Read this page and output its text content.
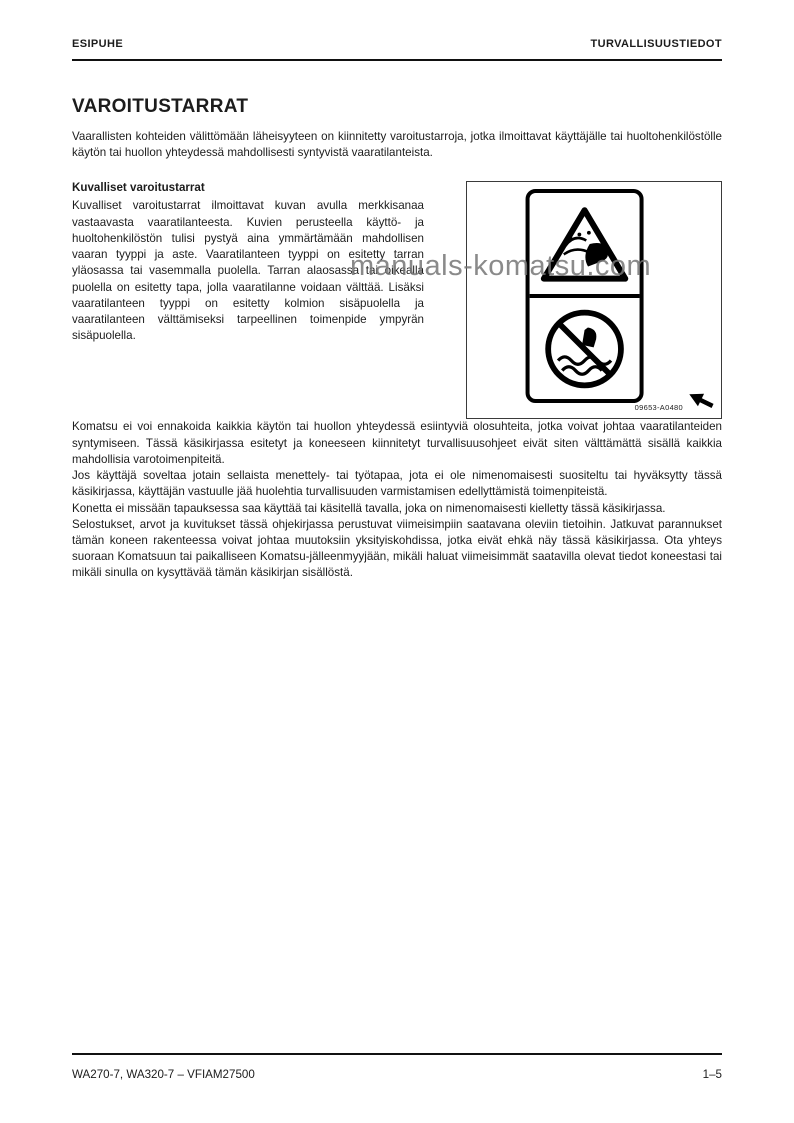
ESIPUHE	TURVALLISUUSTIEDOT
VAROITUSTARRAT

Vaarallisten kohteiden välittömään läheisyyteen on kiinnitetty varoitustarroja, jotka ilmoittavat käyttäjälle tai huoltohenkilöstölle käytön tai huollon yhteydessä mahdollisesti syntyvistä vaaratilanteista.

Kuvalliset varoitustarrat

Kuvalliset varoitustarrat ilmoittavat kuvan avulla merkkisanaa vastaavasta vaaratilanteesta. Kuvien perusteella käyttö- ja huoltohenkilöstön tulisi pystyä aina ymmärtämään mahdollisen vaaran tyyppi ja aste. Vaaratilanteen tyyppi on esitetty tarran yläosassa tai vasemmalla puolella. Tarran alaosassa tai oikealla puolella on esitetty tapa, jolla vaaratilanne voidaan välttää. Lisäksi vaaratilanteen tyyppi on esitetty kolmion sisäpuolella ja vaaratilanteen välttämiseksi tarpeellinen toimenpide ympyrän sisäpuolella.

09653-A0480

Komatsu ei voi ennakoida kaikkia käytön tai huollon yhteydessä esiintyviä olosuhteita, jotka voivat johtaa vaaratilanteiden syntymiseen. Tässä käsikirjassa esitetyt ja koneeseen kiinnitetyt turvallisuusohjeet eivät siten välttämättä sisällä kaikkia mahdollisia varotoimenpiteitä.

Jos käyttäjä soveltaa jotain sellaista menettely- tai työtapaa, jota ei ole nimenomaisesti suositeltu tai hyväksytty tässä käsikirjassa, käyttäjän vastuulle jää huolehtia turvallisuuden varmistamisen edellyttämistä toimenpiteistä.

Konetta ei missään tapauksessa saa käyttää tai käsitellä tavalla, joka on nimenomaisesti kielletty tässä käsikirjassa.

Selostukset, arvot ja kuvitukset tässä ohjekirjassa perustuvat viimeisimpiin saatavana oleviin tietoihin. Jatkuvat parannukset tämän koneen rakenteessa voivat johtaa muutoksiin yksityiskohdissa, jotka eivät ehkä näy tässä käsikirjassa. Ota yhteys suoraan Komatsuun tai paikalliseen Komatsu-jälleenmyyjään, mikäli haluat viimeisimmät saatavilla olevat tiedot koneestasi tai mikäli sinulla on kysyttävää tämän käsikirjan sisällöstä.

manuals-komatsu.com
WA270-7, WA320-7 – VFIAM27500	1–5
